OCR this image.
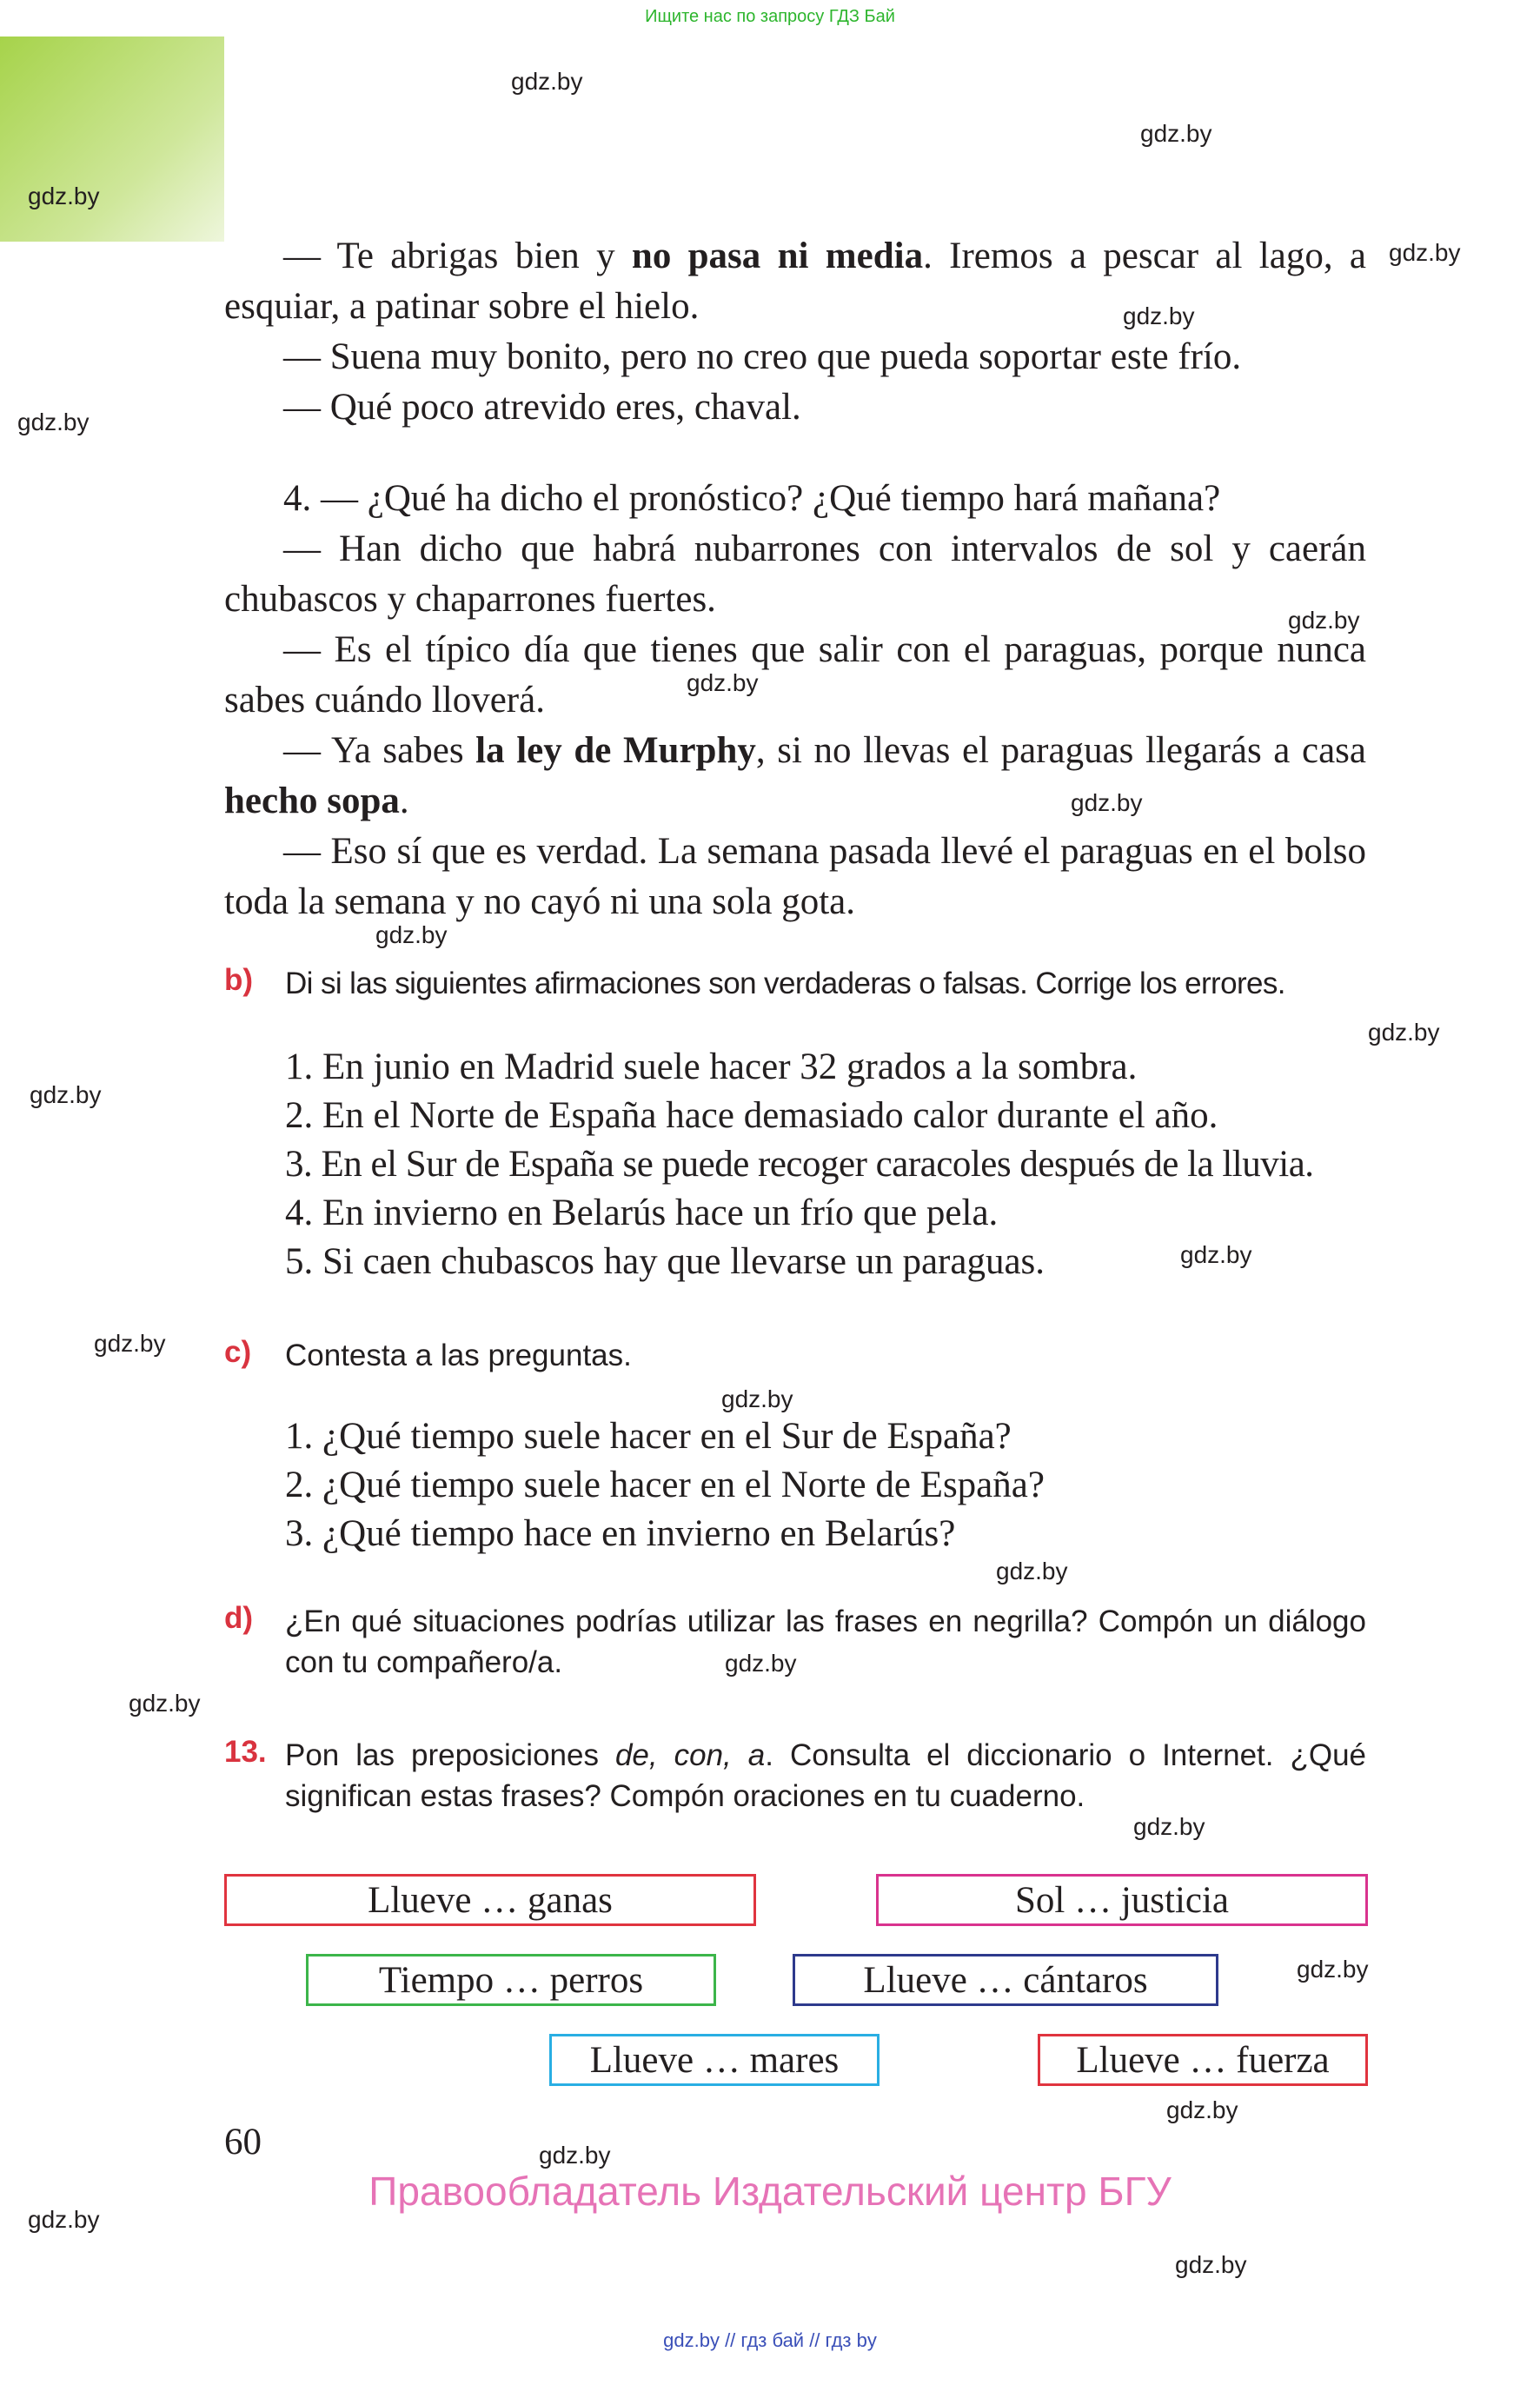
Ищите нас по запросу ГДЗ Бай
gdz.by
gdz.by
gdz.by
gdz.by
gdz.by
gdz.by
gdz.by
gdz.by
gdz.by
gdz.by
gdz.by
gdz.by
gdz.by
gdz.by
gdz.by
gdz.by
gdz.by
gdz.by
gdz.by
gdz.by
gdz.by
gdz.by
gdz.by
gdz.by
— Te abrigas bien y no pasa ni media. Iremos a pescar al lago, a esquiar, a patinar sobre el hielo.
— Suena muy bonito, pero no creo que pueda soportar este frío.
— Qué poco atrevido eres, chaval.
4. — ¿Qué ha dicho el pronóstico? ¿Qué tiempo hará mañana?
— Han dicho que habrá nubarrones con intervalos de sol y caerán chubascos y chaparrones fuertes.
— Es el típico día que tienes que salir con el paraguas, porque nunca sabes cuándo lloverá.
— Ya sabes la ley de Murphy, si no llevas el paraguas llegarás a casa hecho sopa.
— Eso sí que es verdad. La semana pasada llevé el paraguas en el bolso toda la semana y no cayó ni una sola gota.
b) Di si las siguientes afirmaciones son verdaderas o falsas. Corrige los errores.
1. En junio en Madrid suele hacer 32 grados a la sombra.
2. En el Norte de España hace demasiado calor durante el año.
3. En el Sur de España se puede recoger caracoles después de la lluvia.
4. En invierno en Belarús hace un frío que pela.
5. Si caen chubascos hay que llevarse un paraguas.
c) Contesta a las preguntas.
1. ¿Qué tiempo suele hacer en el Sur de España?
2. ¿Qué tiempo suele hacer en el Norte de España?
3. ¿Qué tiempo hace en invierno en Belarús?
d) ¿En qué situaciones podrías utilizar las frases en negrilla? Compón un diálogo con tu compañero/a.
13. Pon las preposiciones de, con, a. Consulta el diccionario o Internet. ¿Qué significan estas frases? Compón oraciones en tu cuaderno.
Llueve … ganas	Sol … justicia
Tiempo … perros	Llueve … cántaros
Llueve … mares	Llueve … fuerza
60
Правообладатель Издательский центр БГУ
gdz.by // гдз бай // гдз by
